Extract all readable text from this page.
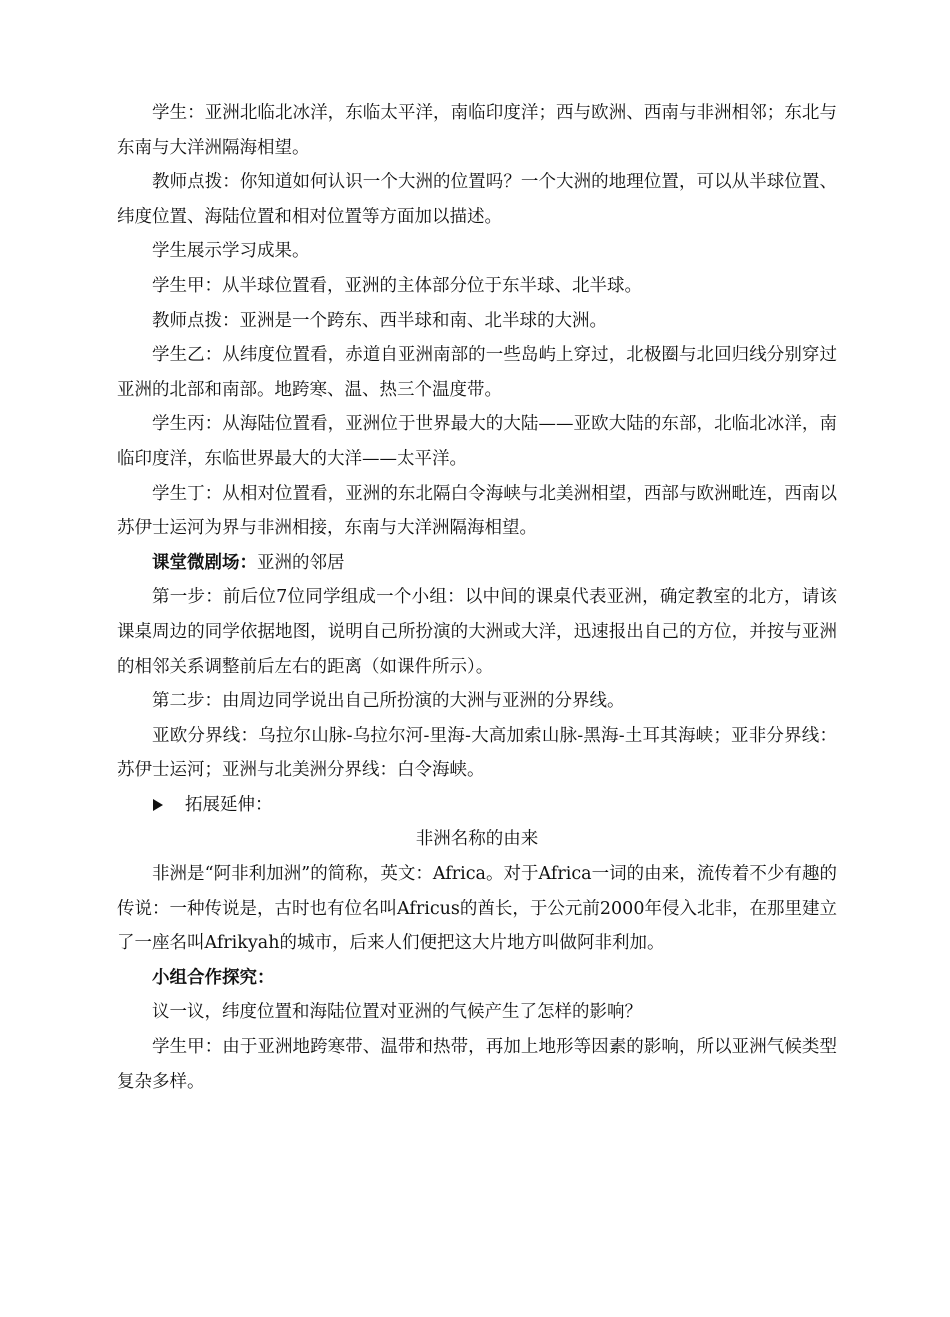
学生：亚洲北临北冰洋，东临太平洋，南临印度洋；西与欧洲、西南与非洲相邻；东北与东南与大洋洲隔海相望。

教师点拨：你知道如何认识一个大洲的位置吗？一个大洲的地理位置，可以从半球位置、纬度位置、海陆位置和相对位置等方面加以描述。

学生展示学习成果。

学生甲：从半球位置看，亚洲的主体部分位于东半球、北半球。

教师点拨：亚洲是一个跨东、西半球和南、北半球的大洲。

学生乙：从纬度位置看，赤道自亚洲南部的一些岛屿上穿过，北极圈与北回归线分别穿过亚洲的北部和南部。地跨寒、温、热三个温度带。

学生丙：从海陆位置看，亚洲位于世界最大的大陆——亚欧大陆的东部，北临北冰洋，南临印度洋，东临世界最大的大洋——太平洋。

学生丁：从相对位置看，亚洲的东北隔白令海峡与北美洲相望，西部与欧洲毗连，西南以苏伊士运河为界与非洲相接，东南与大洋洲隔海相望。

课堂微剧场：亚洲的邻居

第一步：前后位7位同学组成一个小组：以中间的课桌代表亚洲，确定教室的北方，请该课桌周边的同学依据地图，说明自己所扮演的大洲或大洋，迅速报出自己的方位，并按与亚洲的相邻关系调整前后左右的距离（如课件所示）。

第二步：由周边同学说出自己所扮演的大洲与亚洲的分界线。

亚欧分界线：乌拉尔山脉-乌拉尔河-里海-大高加索山脉-黑海-土耳其海峡；亚非分界线：苏伊士运河；亚洲与北美洲分界线：白令海峡。

拓展延伸：

非洲名称的由来

非洲是“阿非利加洲”的简称，英文：Africa。对于Africa一词的由来，流传着不少有趣的传说：一种传说是，古时也有位名叫Africus的酋长，于公元前2000年侵入北非，在那里建立了一座名叫Afrikyah的城市，后来人们便把这大片地方叫做阿非利加。

小组合作探究：

议一议，纬度位置和海陆位置对亚洲的气候产生了怎样的影响？

学生甲：由于亚洲地跨寒带、温带和热带，再加上地形等因素的影响，所以亚洲气候类型复杂多样。
